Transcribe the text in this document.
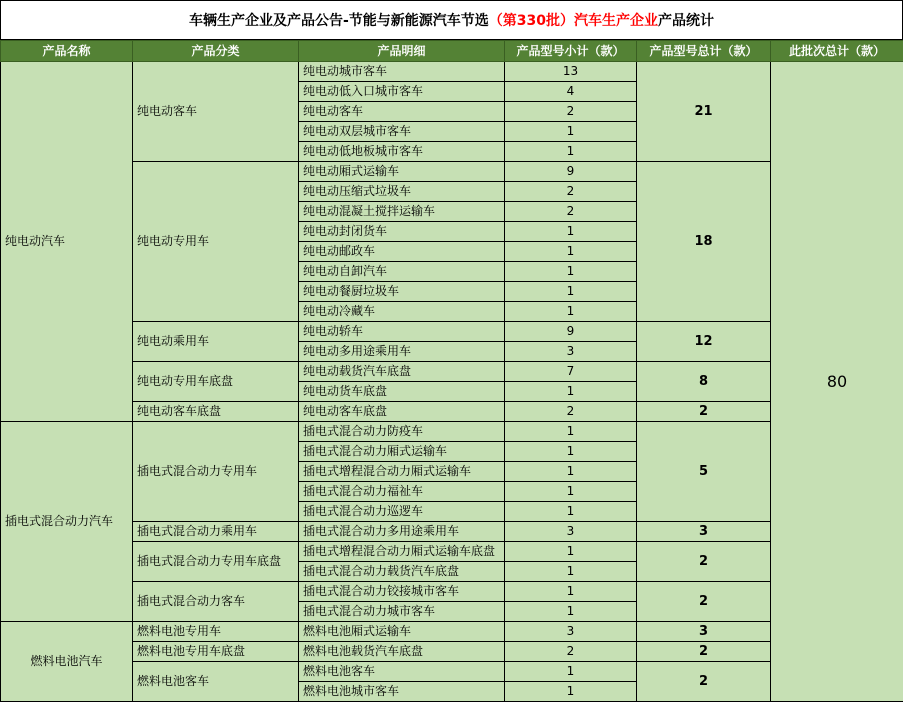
车辆生产企业及产品公告-节能与新能源汽车节选 （第330批）汽车生产企业 产品统计
产品名称	产品分类	产品明细	产品型号小计（款）	产品型号总计（款）	此批次总计（款）
纯电动汽车	纯电动客车	纯电动城市客车	13	21	80
		纯电动低入口城市客车	4		
		纯电动客车	2		
		纯电动双层城市客车	1		
		纯电动低地板城市客车	1		
	纯电动专用车	纯电动厢式运输车	9	18	
		纯电动压缩式垃圾车	2		
		纯电动混凝土搅拌运输车	2		
		纯电动封闭货车	1		
		纯电动邮政车	1		
		纯电动自卸汽车	1		
		纯电动餐厨垃圾车	1		
		纯电动冷藏车	1		
	纯电动乘用车	纯电动轿车	9	12	
		纯电动多用途乘用车	3		
	纯电动专用车底盘	纯电动载货汽车底盘	7	8	
		纯电动货车底盘	1		
	纯电动客车底盘	纯电动客车底盘	2	2	
插电式混合动力汽车	插电式混合动力专用车	插电式混合动力防疫车	1	5	
		插电式混合动力厢式运输车	1		
		插电式增程混合动力厢式运输车	1		
		插电式混合动力福祉车	1		
		插电式混合动力巡逻车	1		
	插电式混合动力乘用车	插电式混合动力多用途乘用车	3	3	
	插电式混合动力专用车底盘	插电式增程混合动力厢式运输车底盘	1	2	
		插电式混合动力载货汽车底盘	1		
	插电式混合动力客车	插电式混合动力铰接城市客车	1	2	
		插电式混合动力城市客车	1		
燃料电池汽车	燃料电池专用车	燃料电池厢式运输车	3	3	
	燃料电池专用车底盘	燃料电池载货汽车底盘	2	2	
	燃料电池客车	燃料电池客车	1	2	
		燃料电池城市客车	1		
